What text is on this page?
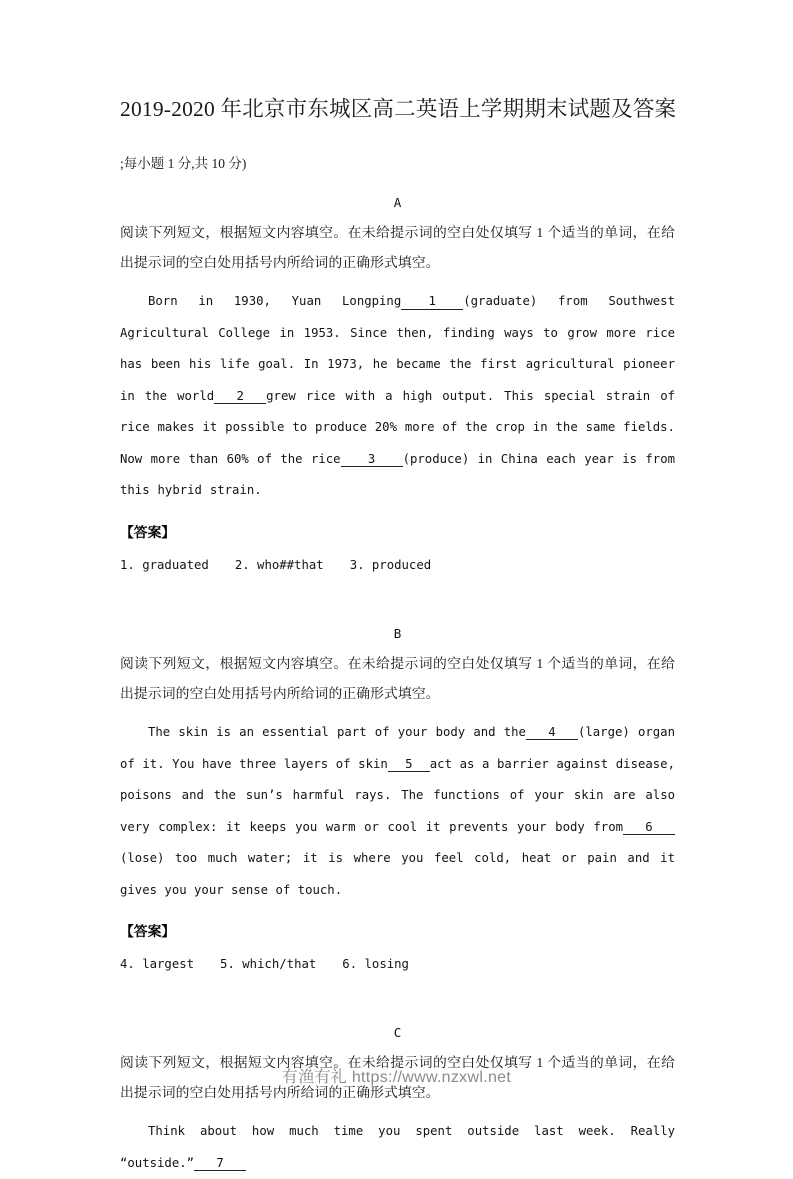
2019-2020 年北京市东城区高二英语上学期期末试题及答案

;每小题 1 分,共 10 分)

A

阅读下列短文，根据短文内容填空。在未给提示词的空白处仅填写 1 个适当的单词，在给出提示词的空白处用括号内所给词的正确形式填空。

Born in 1930, Yuan Longping 1 (graduate) from Southwest Agricultural College in 1953. Since then, finding ways to grow more rice has been his life goal. In 1973, he became the first agricultural pioneer in the world 2 grew rice with a high output. This special strain of rice makes it possible to produce 20% more of the crop in the same fields. Now more than 60% of the rice 3 (produce) in China each year is from this hybrid strain.

【答案】

1. graduated 2. who##that 3. produced

B

阅读下列短文，根据短文内容填空。在未给提示词的空白处仅填写 1 个适当的单词，在给出提示词的空白处用括号内所给词的正确形式填空。

The skin is an essential part of your body and the 4 (large) organ of it. You have three layers of skin 5 act as a barrier against disease, poisons and the sun’s harmful rays. The functions of your skin are also very complex: it keeps you warm or cool it prevents your body from 6(lose) too much water; it is where you feel cold, heat or pain and it gives you your sense of touch.

【答案】

4. largest 5. which/that 6. losing

C

阅读下列短文，根据短文内容填空。在未给提示词的空白处仅填写 1 个适当的单词，在给出提示词的空白处用括号内所给词的正确形式填空。

Think about how much time you spent outside last week. Really “outside.” 7

有渔有礼 https://www.nzxwl.net
